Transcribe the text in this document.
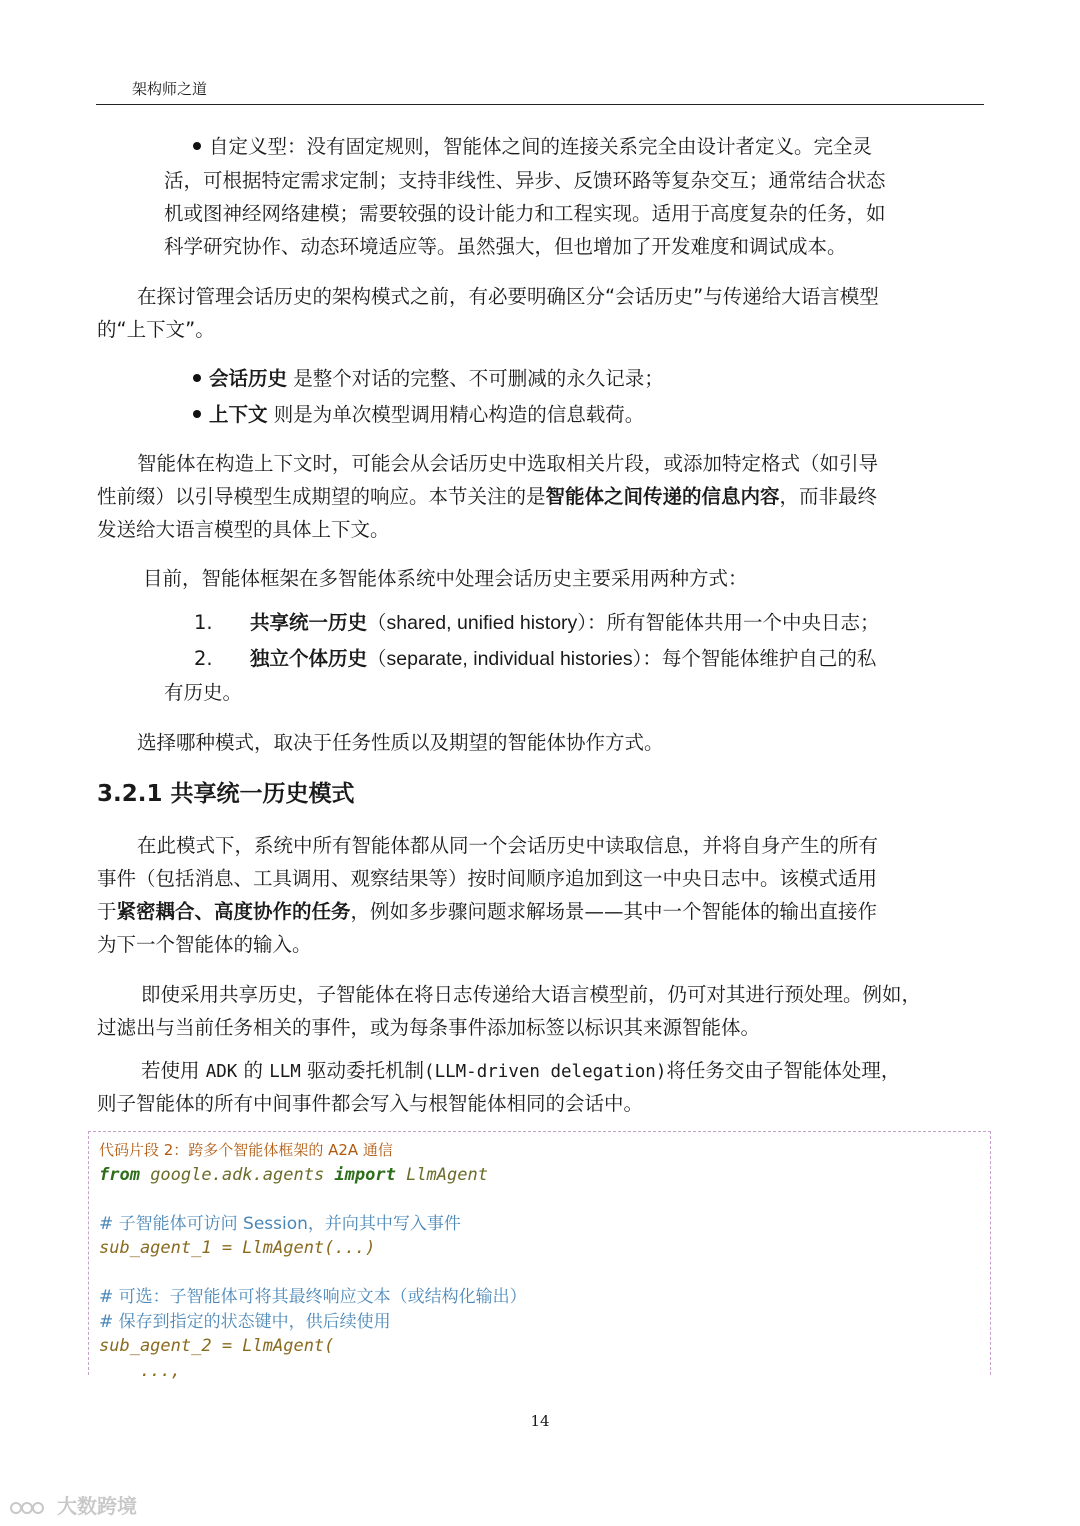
架构师之道

自定义型：没有固定规则，智能体之间的连接关系完全由设计者定义。完全灵

活，可根据特定需求定制；支持非线性、异步、反馈环路等复杂交互；通常结合状态

机或图神经网络建模；需要较强的设计能力和工程实现。适用于高度复杂的任务，如

科学研究协作、动态环境适应等。虽然强大，但也增加了开发难度和调试成本。

在探讨管理会话历史的架构模式之前，有必要明确区分“会话历史”与传递给大语言模型

的“上下文”。

会话历史 是整个对话的完整、不可删减的永久记录；

上下文 则是为单次模型调用精心构造的信息载荷。

智能体在构造上下文时，可能会从会话历史中选取相关片段，或添加特定格式（如引导

性前缀）以引导模型生成期望的响应。本节关注的是智能体之间传递的信息内容，而非最终

发送给大语言模型的具体上下文。

目前，智能体框架在多智能体系统中处理会话历史主要采用两种方式：

1. 共享统一历史（shared, unified history）：所有智能体共用一个中央日志；

2. 独立个体历史（separate, individual histories）：每个智能体维护自己的私

有历史。

选择哪种模式，取决于任务性质以及期望的智能体协作方式。

3.2.1 共享统一历史模式

在此模式下，系统中所有智能体都从同一个会话历史中读取信息，并将自身产生的所有

事件（包括消息、工具调用、观察结果等）按时间顺序追加到这一中央日志中。该模式适用

于紧密耦合、高度协作的任务，例如多步骤问题求解场景——其中一个智能体的输出直接作

为下一个智能体的输入。

即使采用共享历史，子智能体在将日志传递给大语言模型前，仍可对其进行预处理。例如，

过滤出与当前任务相关的事件，或为每条事件添加标签以标识其来源智能体。

若使用 ADK 的 LLM 驱动委托机制(LLM-driven delegation)将任务交由子智能体处理，

则子智能体的所有中间事件都会写入与根智能体相同的会话中。

代码片段 2：跨多个智能体框架的 A2A 通信
from google.adk.agents import LlmAgent

# 子智能体可访问 Session，并向其中写入事件
sub_agent_1 = LlmAgent(...)

# 可选：子智能体可将其最终响应文本（或结构化输出）
# 保存到指定的状态键中，供后续使用
sub_agent_2 = LlmAgent(
...,
14
大数跨境
